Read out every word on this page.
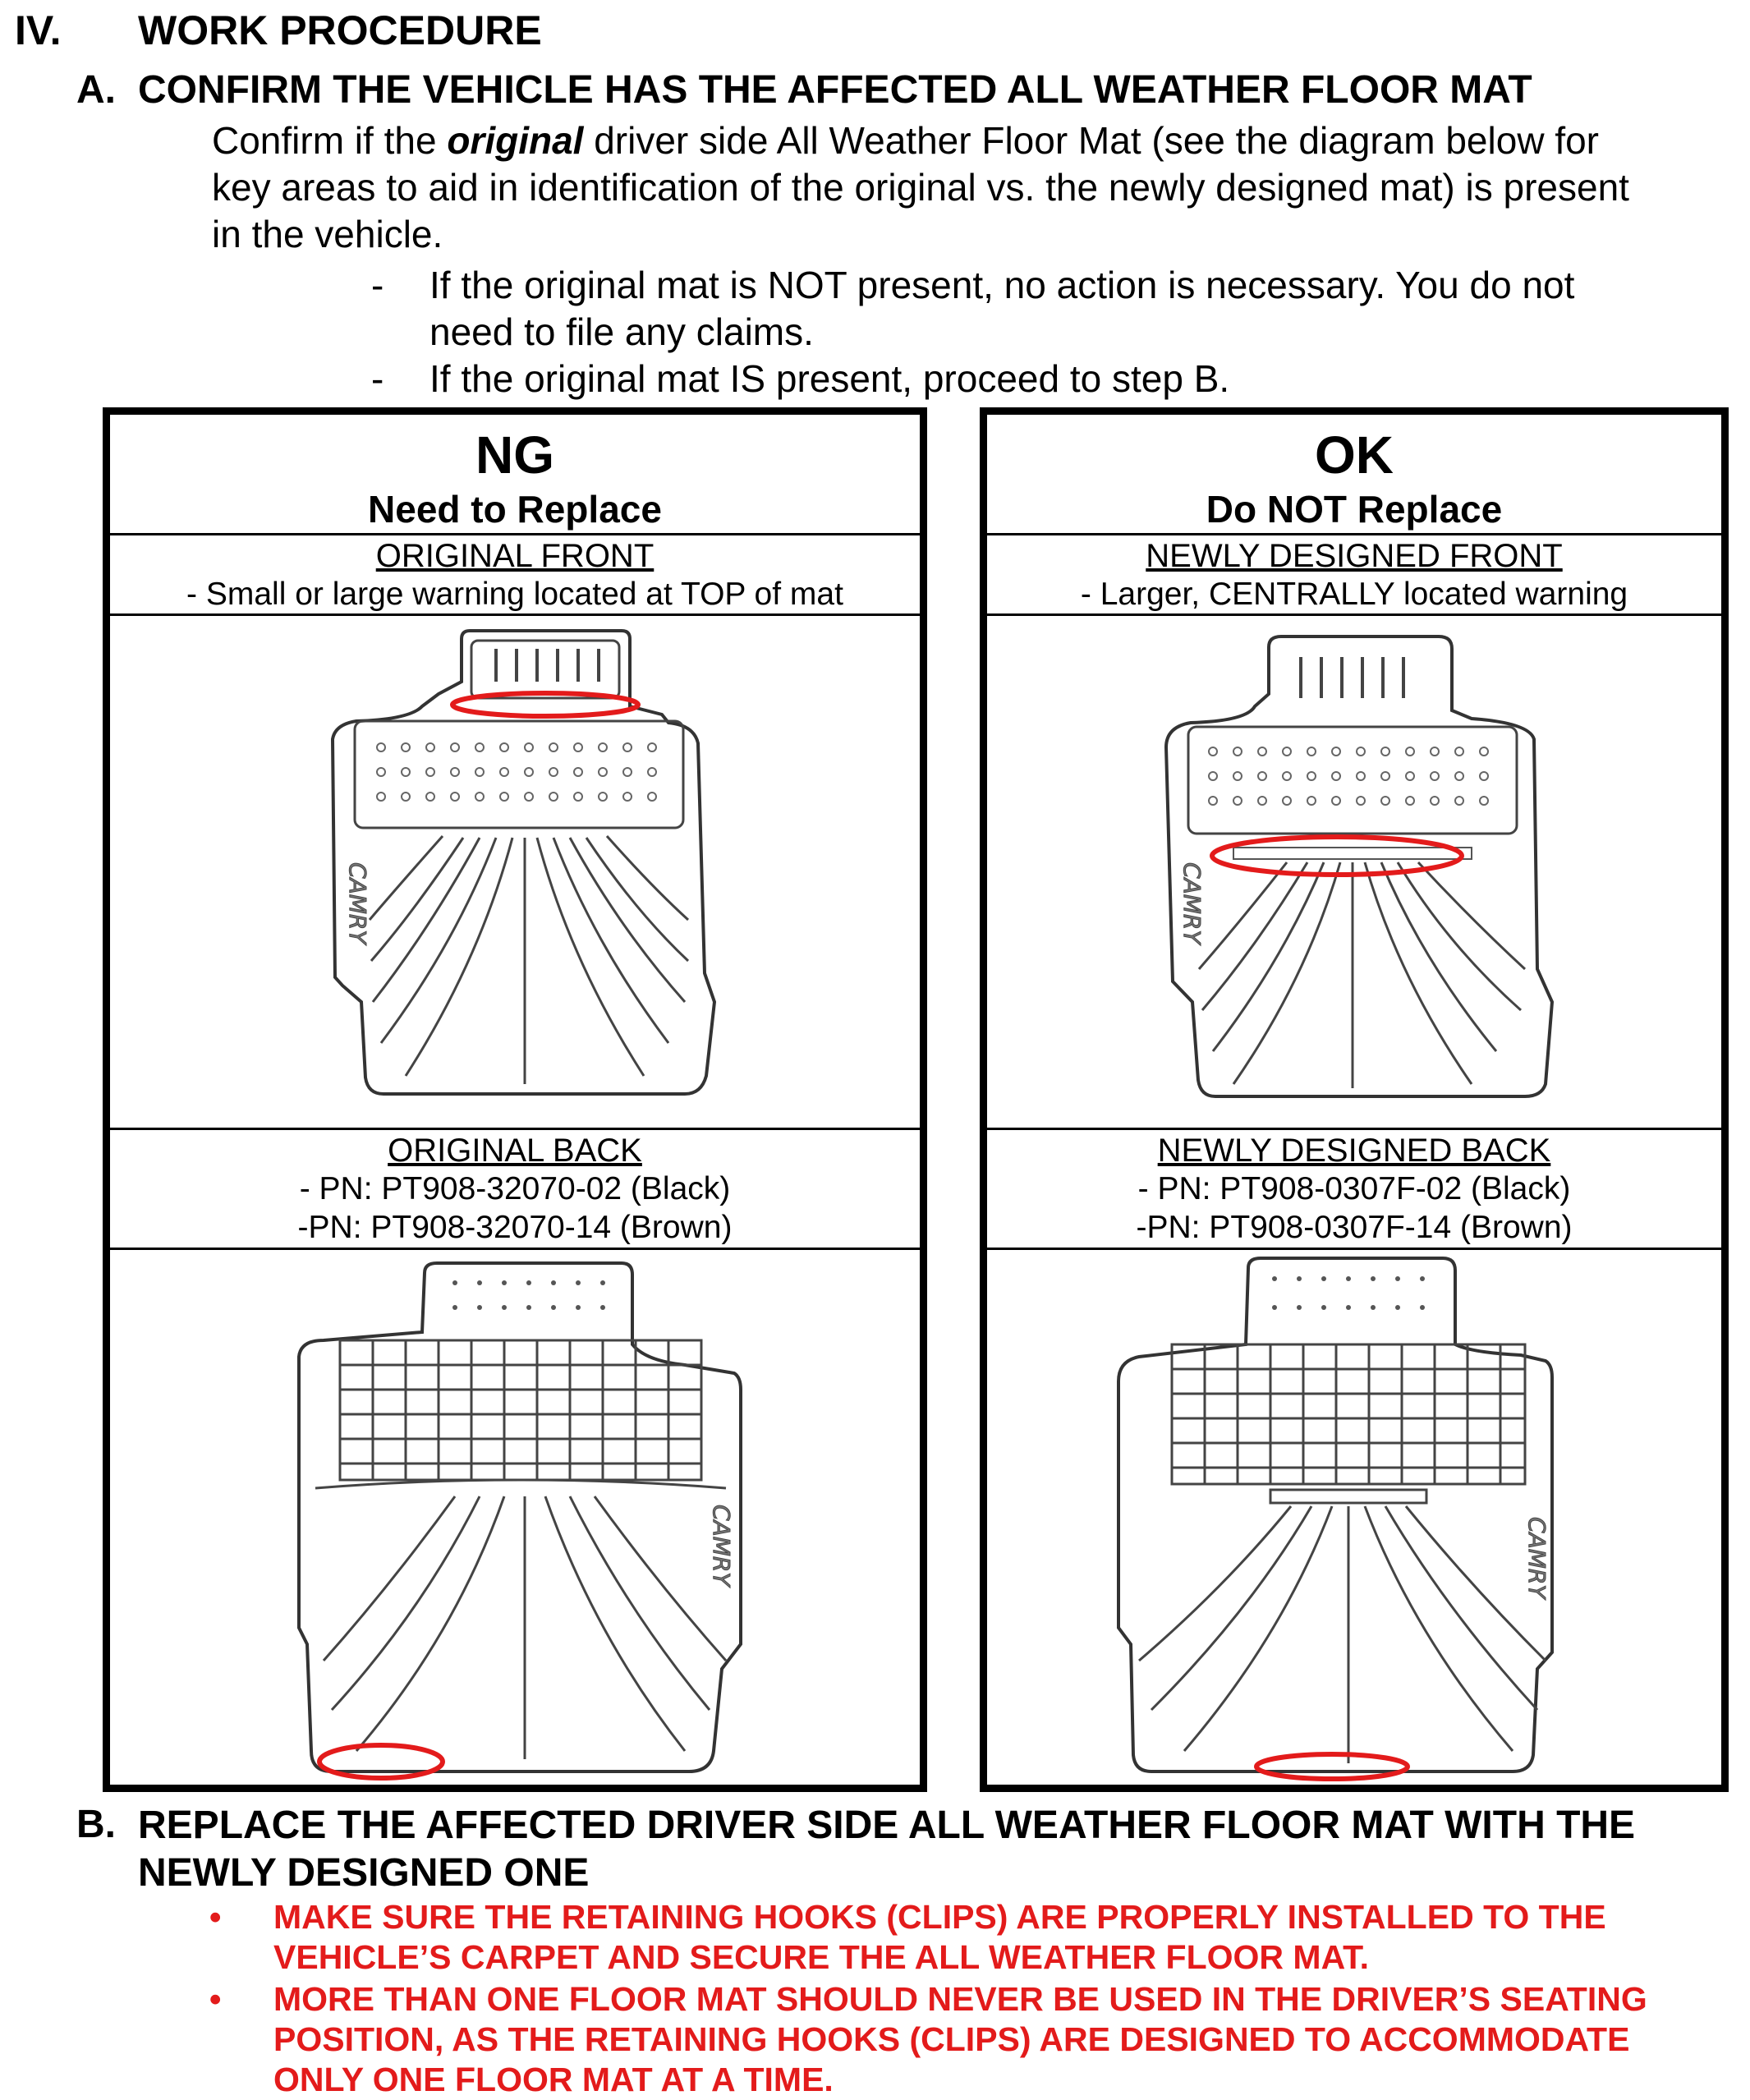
IV. WORK PROCEDURE
A. CONFIRM THE VEHICLE HAS THE AFFECTED ALL WEATHER FLOOR MAT
Confirm if the original driver side All Weather Floor Mat (see the diagram below for
key areas to aid in identification of the original vs. the newly designed mat) is present
in the vehicle.
- If the original mat is NOT present, no action is necessary. You do not
need to file any claims.
- If the original mat IS present, proceed to step B.
NG
Need to Replace
ORIGINAL FRONT
- Small or large warning located at TOP of mat
CAMRY
ORIGINAL BACK
- PN: PT908-32070-02 (Black)
-PN: PT908-32070-14 (Brown)
CAMRY
OK
Do NOT Replace
NEWLY DESIGNED FRONT
- Larger, CENTRALLY located warning
CAMRY
NEWLY DESIGNED BACK
- PN: PT908-0307F-02 (Black)
-PN: PT908-0307F-14 (Brown)
CAMRY
B. REPLACE THE AFFECTED DRIVER SIDE ALL WEATHER FLOOR MAT WITH THE
NEWLY DESIGNED ONE
• MAKE SURE THE RETAINING HOOKS (CLIPS) ARE PROPERLY INSTALLED TO THE
VEHICLE’S CARPET AND SECURE THE ALL WEATHER FLOOR MAT.
• MORE THAN ONE FLOOR MAT SHOULD NEVER BE USED IN THE DRIVER’S SEATING
POSITION, AS THE RETAINING HOOKS (CLIPS) ARE DESIGNED TO ACCOMMODATE
ONLY ONE FLOOR MAT AT A TIME.
